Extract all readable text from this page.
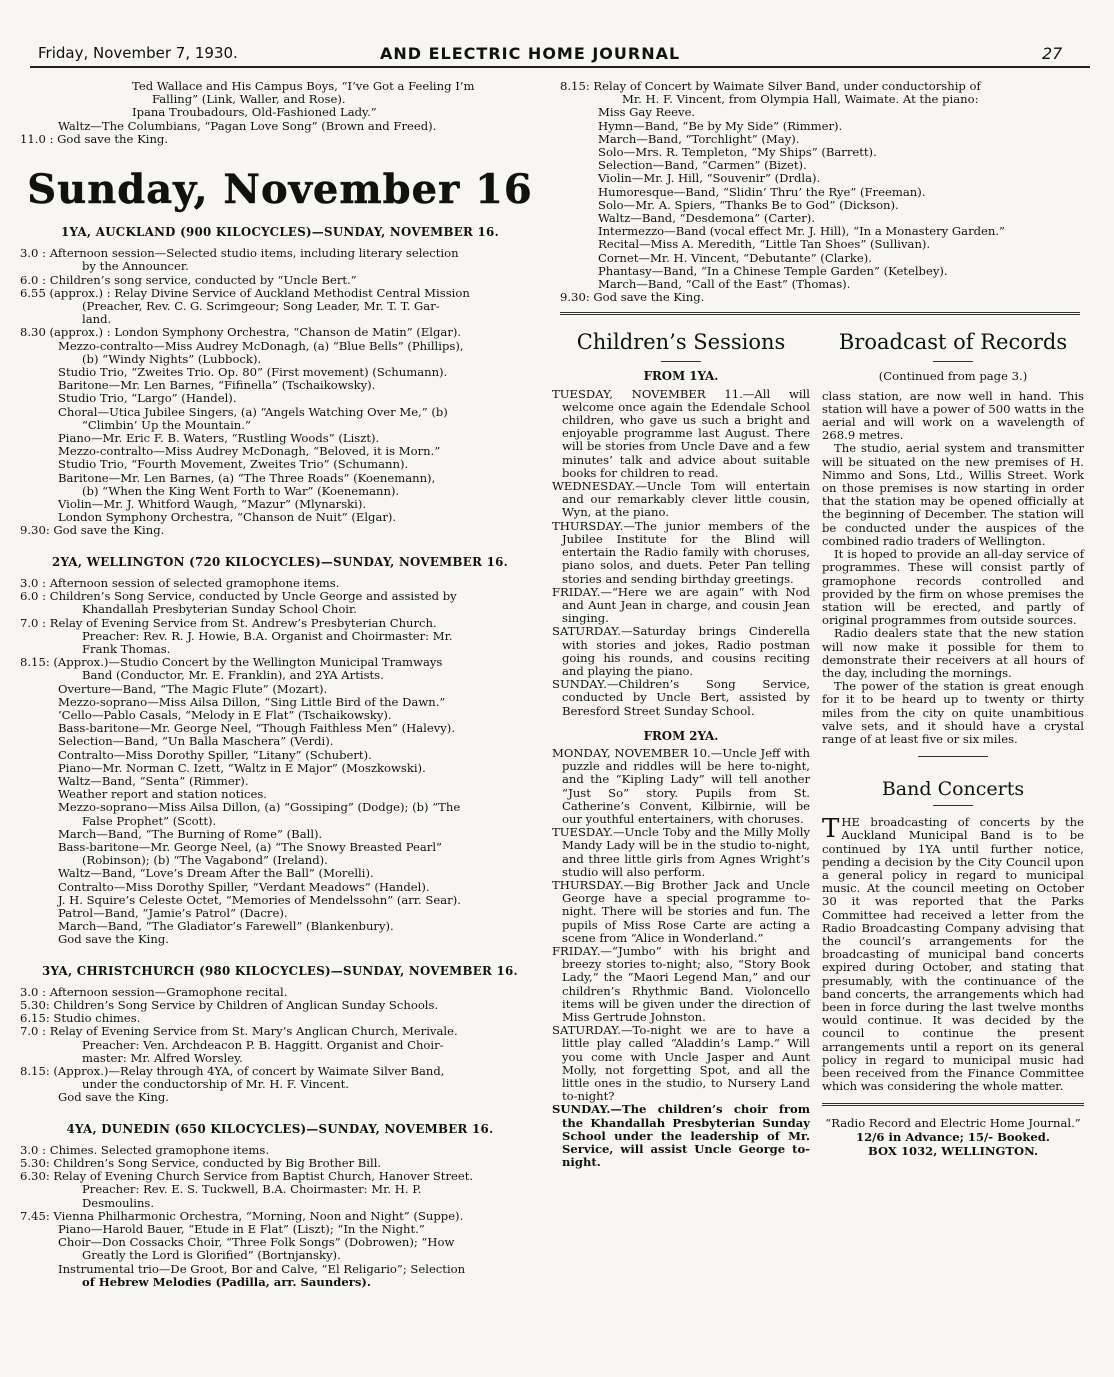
Friday, November 7, 1930.	AND ELECTRIC HOME JOURNAL	27
Ted Wallace and His Campus Boys, “I’ve Got a Feeling I’m
Falling” (Link, Waller, and Rose).
Ipana Troubadours, Old-Fashioned Lady.”
Waltz—The Columbians, “Pagan Love Song” (Brown and Freed).
11.0 : God save the King.
Sunday, November 16
1YA, AUCKLAND (900 KILOCYCLES)—SUNDAY, NOVEMBER 16.
3.0 : Afternoon session—Selected studio items, including literary selection
by the Announcer.
6.0 : Children’s song service, conducted by “Uncle Bert.”
6.55 (approx.) : Relay Divine Service of Auckland Methodist Central Mission
(Preacher, Rev. C. G. Scrimgeour; Song Leader, Mr. T. T. Gar-
land.
8.30 (approx.) : London Symphony Orchestra, “Chanson de Matin” (Elgar).
Mezzo-contralto—Miss Audrey McDonagh, (a) “Blue Bells” (Phillips),
(b) “Windy Nights” (Lubbock).
Studio Trio, “Zweites Trio. Op. 80” (First movement) (Schumann).
Baritone—Mr. Len Barnes, “Fifinella” (Tschaikowsky).
Studio Trio, “Largo” (Handel).
Choral—Utica Jubilee Singers, (a) “Angels Watching Over Me,” (b)
“Climbin’ Up the Mountain.”
Piano—Mr. Eric F. B. Waters, “Rustling Woods” (Liszt).
Mezzo-contralto—Miss Audrey McDonagh, “Beloved, it is Morn.”
Studio Trio, “Fourth Movement, Zweites Trio” (Schumann).
Baritone—Mr. Len Barnes, (a) “The Three Roads” (Koenemann),
(b) “When the King Went Forth to War” (Koenemann).
Violin—Mr. J. Whitford Waugh, “Mazur” (Mlynarski).
London Symphony Orchestra, “Chanson de Nuit” (Elgar).
9.30: God save the King.
2YA, WELLINGTON (720 KILOCYCLES)—SUNDAY, NOVEMBER 16.
3.0 : Afternoon session of selected gramophone items.
6.0 : Children’s Song Service, conducted by Uncle George and assisted by
Khandallah Presbyterian Sunday School Choir.
7.0 : Relay of Evening Service from St. Andrew’s Presbyterian Church.
Preacher: Rev. R. J. Howie, B.A. Organist and Choirmaster: Mr.
Frank Thomas.
8.15: (Approx.)—Studio Concert by the Wellington Municipal Tramways
Band (Conductor, Mr. E. Franklin), and 2YA Artists.
Overture—Band, “The Magic Flute” (Mozart).
Mezzo-soprano—Miss Ailsa Dillon, “Sing Little Bird of the Dawn.”
’Cello—Pablo Casals, “Melody in E Flat” (Tschaikowsky).
Bass-baritone—Mr. George Neel, “Though Faithless Men” (Halevy).
Selection—Band, “Un Balla Maschera” (Verdi).
Contralto—Miss Dorothy Spiller, “Litany” (Schubert).
Piano—Mr. Norman C. Izett, “Waltz in E Major” (Moszkowski).
Waltz—Band, “Senta” (Rimmer).
Weather report and station notices.
Mezzo-soprano—Miss Ailsa Dillon, (a) “Gossiping” (Dodge); (b) “The
False Prophet” (Scott).
March—Band, “The Burning of Rome” (Ball).
Bass-baritone—Mr. George Neel, (a) “The Snowy Breasted Pearl”
(Robinson); (b) “The Vagabond” (Ireland).
Waltz—Band, “Love’s Dream After the Ball” (Morelli).
Contralto—Miss Dorothy Spiller, “Verdant Meadows” (Handel).
J. H. Squire’s Celeste Octet, “Memories of Mendelssohn” (arr. Sear).
Patrol—Band, “Jamie’s Patrol” (Dacre).
March—Band, “The Gladiator’s Farewell” (Blankenbury).
God save the King.
3YA, CHRISTCHURCH (980 KILOCYCLES)—SUNDAY, NOVEMBER 16.
3.0 : Afternoon session—Gramophone recital.
5.30: Children’s Song Service by Children of Anglican Sunday Schools.
6.15: Studio chimes.
7.0 : Relay of Evening Service from St. Mary’s Anglican Church, Merivale.
Preacher: Ven. Archdeacon P. B. Haggitt. Organist and Choir-
master: Mr. Alfred Worsley.
8.15: (Approx.)—Relay through 4YA, of concert by Waimate Silver Band,
under the conductorship of Mr. H. F. Vincent.
God save the King.
4YA, DUNEDIN (650 KILOCYCLES)—SUNDAY, NOVEMBER 16.
3.0 : Chimes. Selected gramophone items.
5.30: Children’s Song Service, conducted by Big Brother Bill.
6.30: Relay of Evening Church Service from Baptist Church, Hanover Street.
Preacher: Rev. E. S. Tuckwell, B.A. Choirmaster: Mr. H. P.
Desmoulins.
7.45: Vienna Philharmonic Orchestra, “Morning, Noon and Night” (Suppe).
Piano—Harold Bauer, “Etude in E Flat” (Liszt); “In the Night.”
Choir—Don Cossacks Choir, “Three Folk Songs” (Dobrowen); “How
Greatly the Lord is Glorified” (Bortnjansky).
Instrumental trio—De Groot, Bor and Calve, “El Religario”; Selection
of Hebrew Melodies (Padilla, arr. Saunders).
8.15: Relay of Concert by Waimate Silver Band, under conductorship of
Mr. H. F. Vincent, from Olympia Hall, Waimate. At the piano:
Miss Gay Reeve.
Hymn—Band, “Be by My Side” (Rimmer).
March—Band, “Torchlight” (May).
Solo—Mrs. R. Templeton, “My Ships” (Barrett).
Selection—Band, “Carmen” (Bizet).
Violin—Mr. J. Hill, “Souvenir” (Drdla).
Humoresque—Band, “Slidin’ Thru’ the Rye” (Freeman).
Solo—Mr. A. Spiers, “Thanks Be to God” (Dickson).
Waltz—Band, “Desdemona” (Carter).
Intermezzo—Band (vocal effect Mr. J. Hill), “In a Monastery Garden.”
Recital—Miss A. Meredith, “Little Tan Shoes” (Sullivan).
Cornet—Mr. H. Vincent, “Debutante” (Clarke).
Phantasy—Band, “In a Chinese Temple Garden” (Ketelbey).
March—Band, “Call of the East” (Thomas).
9.30: God save the King.
Children’s Sessions
FROM 1YA.
TUESDAY, NOVEMBER 11.—All will welcome once again the Edendale School children, who gave us such a bright and enjoyable programme last August. There will be stories from Uncle Dave and a few minutes’ talk and advice about suitable books for children to read.
WEDNESDAY.—Uncle Tom will entertain and our remarkably clever little cousin, Wyn, at the piano.
THURSDAY.—The junior members of the Jubilee Institute for the Blind will entertain the Radio family with choruses, piano solos, and duets. Peter Pan telling stories and sending birthday greetings.
FRIDAY.—“Here we are again” with Nod and Aunt Jean in charge, and cousin Jean singing.
SATURDAY.—Saturday brings Cinderella with stories and jokes, Radio postman going his rounds, and cousins reciting and playing the piano.
SUNDAY.—Children’s Song Service, conducted by Uncle Bert, assisted by Beresford Street Sunday School.
FROM 2YA.
MONDAY, NOVEMBER 10.—Uncle Jeff with puzzle and riddles will be here to-night, and the “Kipling Lady” will tell another “Just So” story. Pupils from St. Catherine’s Convent, Kilbirnie, will be our youthful entertainers, with choruses.
TUESDAY.—Uncle Toby and the Milly Molly Mandy Lady will be in the studio to-night, and three little girls from Agnes Wright’s studio will also perform.
THURSDAY.—Big Brother Jack and Uncle George have a special programme to-night. There will be stories and fun. The pupils of Miss Rose Carte are acting a scene from “Alice in Wonderland.”
FRIDAY.—“Jumbo” with his bright and breezy stories to-night; also, “Story Book Lady,” the “Maori Legend Man,” and our children’s Rhythmic Band. Violoncello items will be given under the direction of Miss Gertrude Johnston.
SATURDAY.—To-night we are to have a little play called “Aladdin’s Lamp.” Will you come with Uncle Jasper and Aunt Molly, not forgetting Spot, and all the little ones in the studio, to Nursery Land to-night?
SUNDAY.—The children’s choir from the Khandallah Presbyterian Sunday School under the leadership of Mr. Service, will assist Uncle George to-night.
Broadcast of Records
(Continued from page 3.)
class station, are now well in hand. This station will have a power of 500 watts in the aerial and will work on a wavelength of 268.9 metres.
The studio, aerial system and transmitter will be situated on the new premises of H. Nimmo and Sons, Ltd., Willis Street. Work on those premises is now starting in order that the station may be opened officially at the beginning of December. The station will be conducted under the auspices of the combined radio traders of Wellington.
It is hoped to provide an all-day service of programmes. These will consist partly of gramophone records controlled and provided by the firm on whose premises the station will be erected, and partly of original programmes from outside sources.
Radio dealers state that the new station will now make it possible for them to demonstrate their receivers at all hours of the day, including the mornings.
The power of the station is great enough for it to be heard up to twenty or thirty miles from the city on quite unambitious valve sets, and it should have a crystal range of at least five or six miles.
Band Concerts
T HE broadcasting of concerts by the Auckland Municipal Band is to be continued by 1YA until further notice, pending a decision by the City Council upon a general policy in regard to municipal music. At the council meeting on October 30 it was reported that the Parks Committee had received a letter from the Radio Broadcasting Company advising that the council’s arrangements for the broadcasting of municipal band concerts expired during October, and stating that presumably, with the continuance of the band concerts, the arrangements which had been in force during the last twelve months would continue. It was decided by the council to continue the present arrangements until a report on its general policy in regard to municipal music had been received from the Finance Committee which was considering the whole matter.
“Radio Record and Electric Home Journal.”
12/6 in Advance; 15/- Booked.
BOX 1032, WELLINGTON.
